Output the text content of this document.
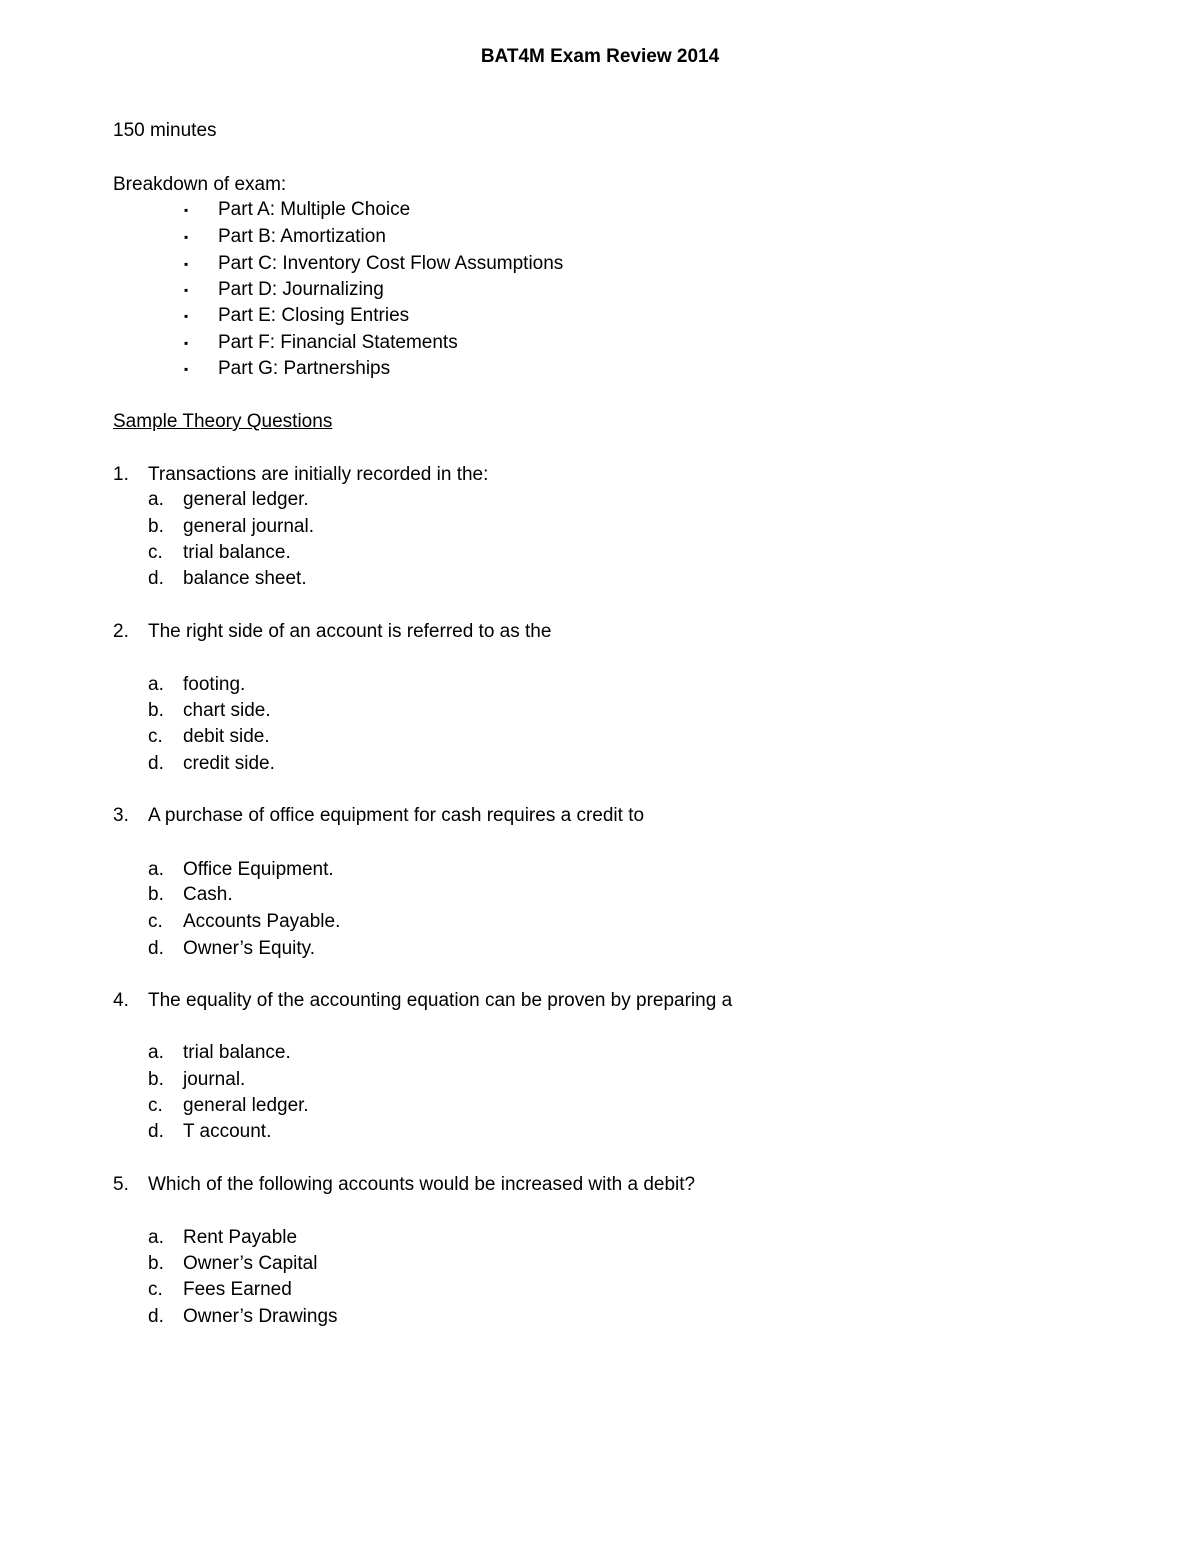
BAT4M Exam Review 2014
150 minutes
Breakdown of exam:
▪ Part A: Multiple Choice
▪ Part B: Amortization
▪ Part C: Inventory Cost Flow Assumptions
▪ Part D: Journalizing
▪ Part E: Closing Entries
▪ Part F: Financial Statements
▪ Part G: Partnerships
Sample Theory Questions
1. Transactions are initially recorded in the:
a. general ledger.
b. general journal.
c. trial balance.
d. balance sheet.
2. The right side of an account is referred to as the
a. footing.
b. chart side.
c. debit side.
d. credit side.
3. A purchase of office equipment for cash requires a credit to
a. Office Equipment.
b. Cash.
c. Accounts Payable.
d. Owner’s Equity.
4. The equality of the accounting equation can be proven by preparing a
a. trial balance.
b. journal.
c. general ledger.
d. T account.
5. Which of the following accounts would be increased with a debit?
a. Rent Payable
b. Owner’s Capital
c. Fees Earned
d. Owner’s Drawings
